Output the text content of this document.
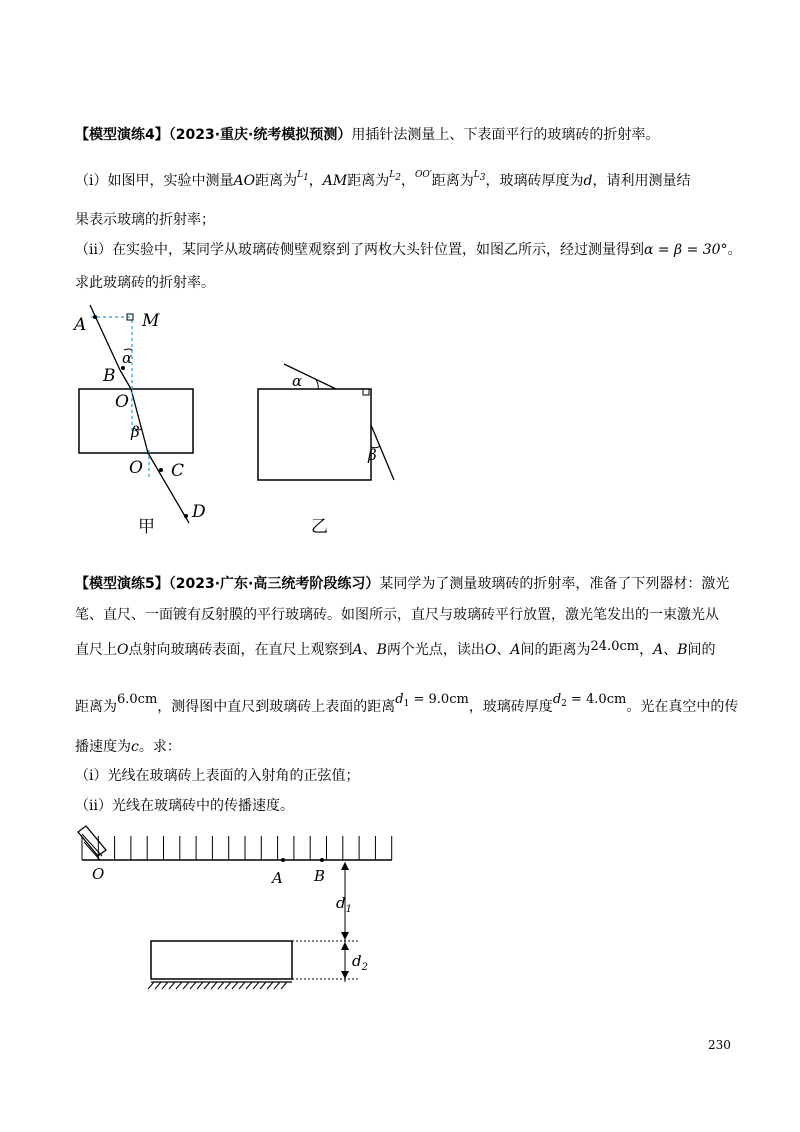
【模型演练4】（2023·重庆·统考模拟预测）用插针法测量上、下表面平行的玻璃砖的折射率。
（ⅰ）如图甲，实验中测量AO距离为$^{L1}$，AM距离为$^{L2}$，$^{OO'}$距离为$^{L3}$，玻璃砖厚度为d，请利用测量结
果表示玻璃的折射率；
（ⅱ）在实验中，某同学从玻璃砖侧壁观察到了两枚大头针位置，如图乙所示，经过测量得到α = β = 30°。
求此玻璃砖的折射率。
A	M
α
B
O
β
O C
D
甲
α
β
乙
【模型演练5】（2023·广东·高三统考阶段练习）某同学为了测量玻璃砖的折射率，准备了下列器材：激光
笔、直尺、一面镀有反射膜的平行玻璃砖。如图所示，直尺与玻璃砖平行放置，激光笔发出的一束激光从
直尺上O点射向玻璃砖表面，在直尺上观察到A、B两个光点，读出O、A间的距离为24.0cm，A、B间的
距离为6.0cm，测得图中直尺到玻璃砖上表面的距离$d_1 = 9.0cm$，玻璃砖厚度$d_2 = 4.0cm$。光在真空中的传
播速度为c。求：
（ⅰ）光线在玻璃砖上表面的入射角的正弦值；
（ⅱ）光线在玻璃砖中的传播速度。
O	A B
$d_1$
$d_2$
230
